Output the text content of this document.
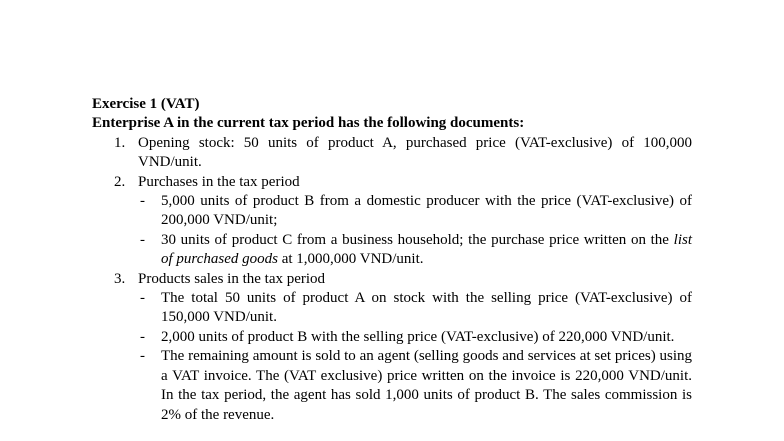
Exercise 1 (VAT)

Enterprise A in the current tax period has the following documents:

1. Opening stock: 50 units of product A, purchased price (VAT-exclusive) of 100,000 VND/unit.
2. Purchases in the tax period
- 5,000 units of product B from a domestic producer with the price (VAT-exclusive) of 200,000 VND/unit;
- 30 units of product C from a business household; the purchase price written on the list of purchased goods at 1,000,000 VND/unit.
3. Products sales in the tax period
- The total 50 units of product A on stock with the selling price (VAT-exclusive) of 150,000 VND/unit.
- 2,000 units of product B with the selling price (VAT-exclusive) of 220,000 VND/unit.
- The remaining amount is sold to an agent (selling goods and services at set prices) using a VAT invoice. The (VAT exclusive) price written on the invoice is 220,000 VND/unit. In the tax period, the agent has sold 1,000 units of product B. The sales commission is 2% of the revenue.
